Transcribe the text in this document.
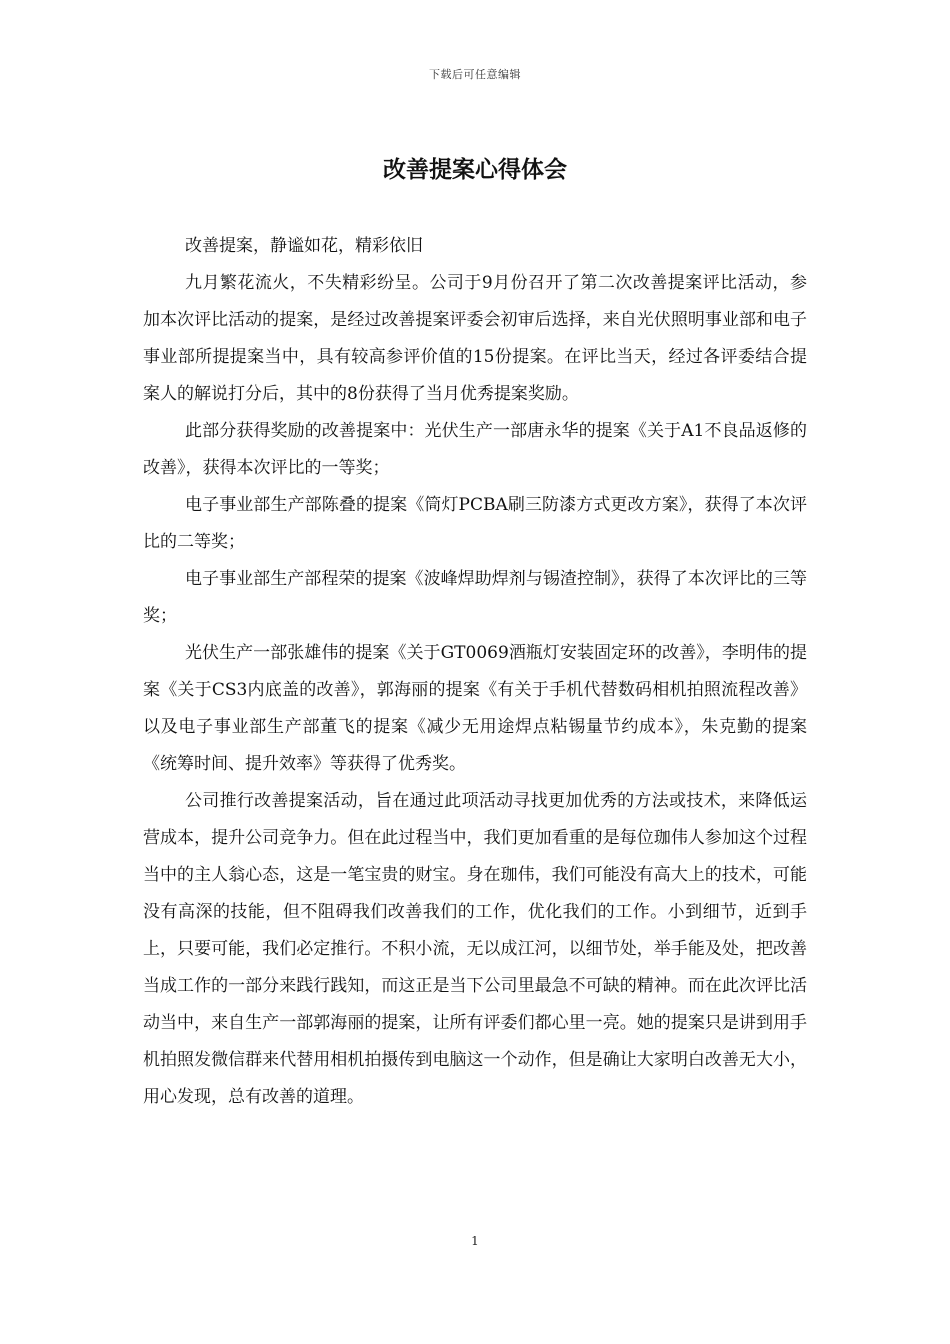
下载后可任意编辑
改善提案心得体会

改善提案，静谧如花，精彩依旧

九月繁花流火，不失精彩纷呈。公司于9月份召开了第二次改善提案评比活动，参加本次评比活动的提案，是经过改善提案评委会初审后选择，来自光伏照明事业部和电子事业部所提提案当中，具有较高参评价值的15份提案。在评比当天，经过各评委结合提案人的解说打分后，其中的8份获得了当月优秀提案奖励。

此部分获得奖励的改善提案中：光伏生产一部唐永华的提案《关于A1不良品返修的改善》，获得本次评比的一等奖；

电子事业部生产部陈叠的提案《筒灯PCBA刷三防漆方式更改方案》，获得了本次评比的二等奖；

电子事业部生产部程荣的提案《波峰焊助焊剂与锡渣控制》，获得了本次评比的三等奖；

光伏生产一部张雄伟的提案《关于GT0069酒瓶灯安装固定环的改善》，李明伟的提案《关于CS3内底盖的改善》，郭海丽的提案《有关于手机代替数码相机拍照流程改善》以及电子事业部生产部董飞的提案《减少无用途焊点粘锡量节约成本》，朱克勤的提案《统筹时间、提升效率》等获得了优秀奖。

公司推行改善提案活动，旨在通过此项活动寻找更加优秀的方法或技术，来降低运营成本，提升公司竞争力。但在此过程当中，我们更加看重的是每位珈伟人参加这个过程当中的主人翁心态，这是一笔宝贵的财宝。身在珈伟，我们可能没有高大上的技术，可能没有高深的技能，但不阻碍我们改善我们的工作，优化我们的工作。小到细节，近到手上，只要可能，我们必定推行。不积小流，无以成江河，以细节处，举手能及处，把改善当成工作的一部分来践行践知，而这正是当下公司里最急不可缺的精神。而在此次评比活动当中，来自生产一部郭海丽的提案，让所有评委们都心里一亮。她的提案只是讲到用手机拍照发微信群来代替用相机拍摄传到电脑这一个动作，但是确让大家明白改善无大小，用心发现，总有改善的道理。

1
